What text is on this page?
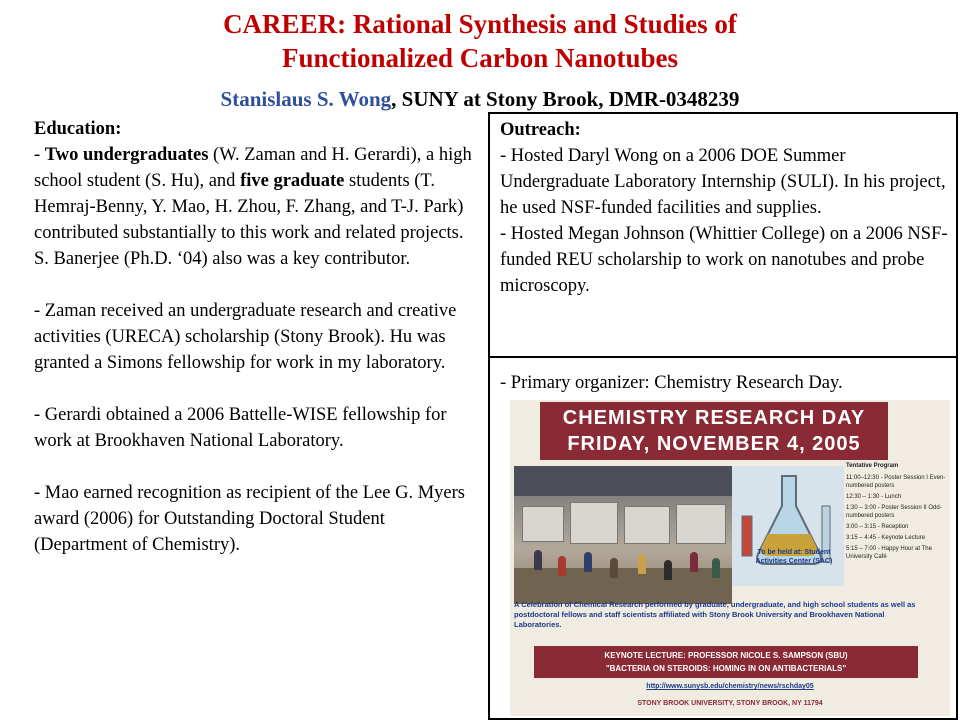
CAREER: Rational Synthesis and Studies of
Functionalized Carbon Nanotubes
Stanislaus S. Wong, SUNY at Stony Brook, DMR-0348239
Education:

- Two undergraduates (W. Zaman and H. Gerardi), a high school student (S. Hu), and five graduate students (T. Hemraj-Benny, Y. Mao, H. Zhou, F. Zhang, and T-J. Park) contributed substantially to this work and related projects. S. Banerjee (Ph.D. ‘04) also was a key contributor.

- Zaman received an undergraduate research and creative activities (URECA) scholarship (Stony Brook). Hu was granted a Simons fellowship for work in my laboratory.

- Gerardi obtained a 2006 Battelle-WISE fellowship for work at Brookhaven National Laboratory.

- Mao earned recognition as recipient of the Lee G. Myers award (2006) for Outstanding Doctoral Student (Department of Chemistry).

Outreach:

- Hosted Daryl Wong on a 2006 DOE Summer Undergraduate Laboratory Internship (SULI). In his project, he used NSF-funded facilities and supplies.

- Hosted Megan Johnson (Whittier College) on a 2006 NSF-funded REU scholarship to work on nanotubes and probe microscopy.

- Primary organizer: Chemistry Research Day.

CHEMISTRY RESEARCH DAY
FRIDAY, NOVEMBER 4, 2005
To be held at: Student Activities Center (SAC)
Tentative Program
11:00–12:30 - Poster Session I Even-numbered posters
12:30 – 1:30 - Lunch
1:30 – 3:00 - Poster Session II Odd-numbered posters
3:00 – 3:15 - Reception
3:15 – 4:45 - Keynote Lecture
5:15 – 7:00 - Happy Hour at The University Café
A Celebration of Chemical Research performed by graduate, undergraduate, and high school students as well as postdoctoral fellows and staff scientists affiliated with Stony Brook University and Brookhaven National Laboratories.
KEYNOTE LECTURE: PROFESSOR NICOLE S. SAMPSON (SBU)
"BACTERIA ON STEROIDS: HOMING IN ON ANTIBACTERIALS"
http://www.sunysb.edu/chemistry/news/rschday05
STONY BROOK UNIVERSITY, STONY BROOK, NY 11794
